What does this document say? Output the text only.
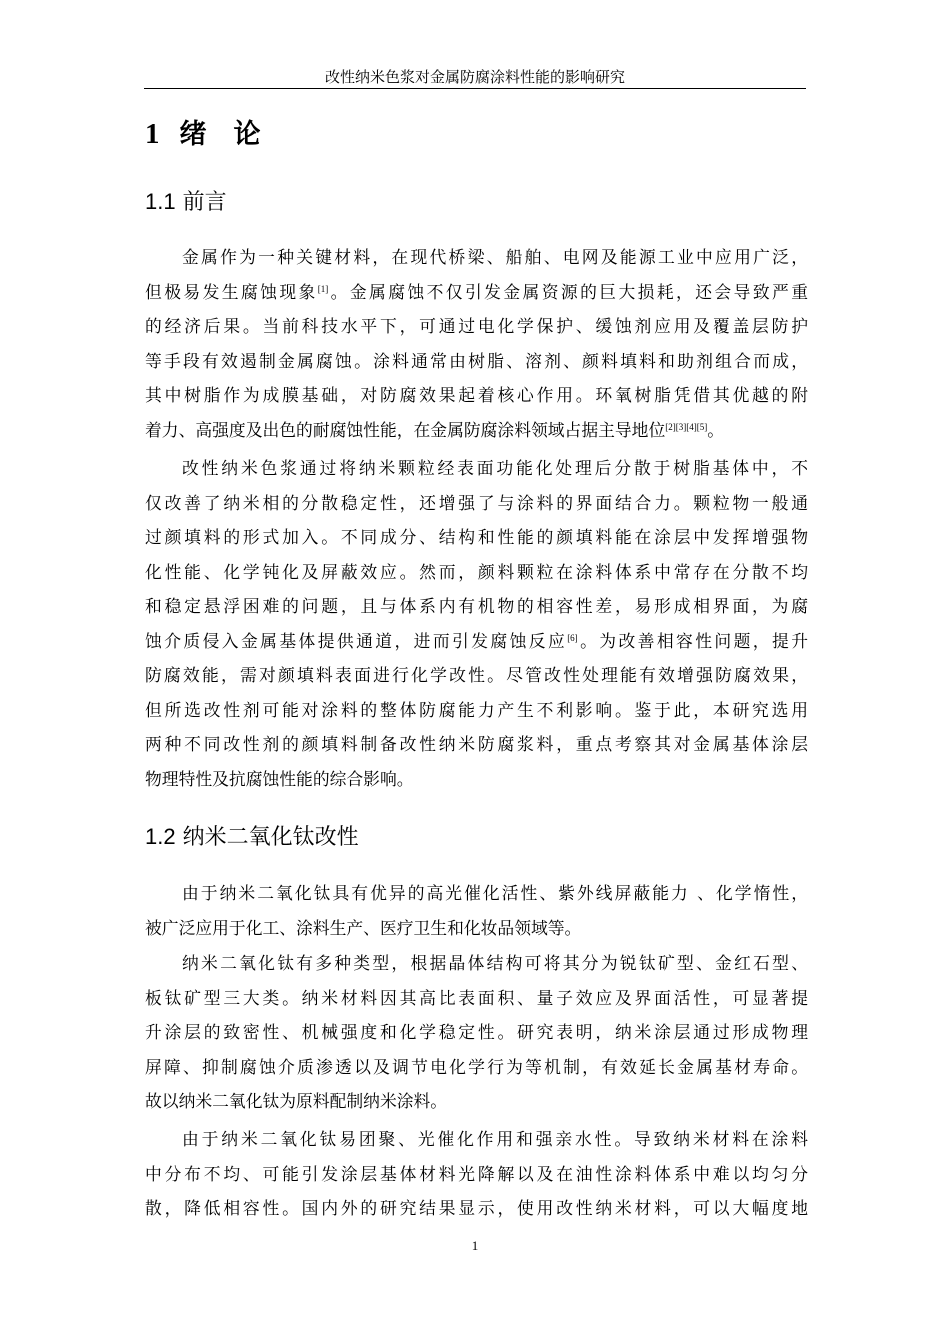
改性纳米色浆对金属防腐涂料性能的影响研究
1 绪　论
1.1 前言
金属作为一种关键材料，在现代桥梁、船舶、电网及能源工业中应用广泛，
但极易发生腐蚀现象[1]。金属腐蚀不仅引发金属资源的巨大损耗，还会导致严重
的经济后果。当前科技水平下，可通过电化学保护、缓蚀剂应用及覆盖层防护
等手段有效遏制金属腐蚀。涂料通常由树脂、溶剂、颜料填料和助剂组合而成，
其中树脂作为成膜基础，对防腐效果起着核心作用。环氧树脂凭借其优越的附
着力、高强度及出色的耐腐蚀性能，在金属防腐涂料领域占据主导地位[2][3][4][5]。
改性纳米色浆通过将纳米颗粒经表面功能化处理后分散于树脂基体中，不
仅改善了纳米相的分散稳定性，还增强了与涂料的界面结合力。颗粒物一般通
过颜填料的形式加入。不同成分、结构和性能的颜填料能在涂层中发挥增强物
化性能、化学钝化及屏蔽效应。然而，颜料颗粒在涂料体系中常存在分散不均
和稳定悬浮困难的问题，且与体系内有机物的相容性差，易形成相界面，为腐
蚀介质侵入金属基体提供通道，进而引发腐蚀反应[6]。为改善相容性问题，提升
防腐效能，需对颜填料表面进行化学改性。尽管改性处理能有效增强防腐效果，
但所选改性剂可能对涂料的整体防腐能力产生不利影响。鉴于此，本研究选用
两种不同改性剂的颜填料制备改性纳米防腐浆料，重点考察其对金属基体涂层
物理特性及抗腐蚀性能的综合影响。
1.2 纳米二氧化钛改性
由于纳米二氧化钛具有优异的高光催化活性、紫外线屏蔽能力 、化学惰性，
被广泛应用于化工、涂料生产、医疗卫生和化妆品领域等。
纳米二氧化钛有多种类型，根据晶体结构可将其分为锐钛矿型、金红石型、
板钛矿型三大类。纳米材料因其高比表面积、量子效应及界面活性，可显著提
升涂层的致密性、机械强度和化学稳定性。研究表明，纳米涂层通过形成物理
屏障、抑制腐蚀介质渗透以及调节电化学行为等机制，有效延长金属基材寿命。
故以纳米二氧化钛为原料配制纳米涂料。
由于纳米二氧化钛易团聚、光催化作用和强亲水性。导致纳米材料在涂料
中分布不均、可能引发涂层基体材料光降解以及在油性涂料体系中难以均匀分
散，降低相容性。国内外的研究结果显示，使用改性纳米材料，可以大幅度地
1
